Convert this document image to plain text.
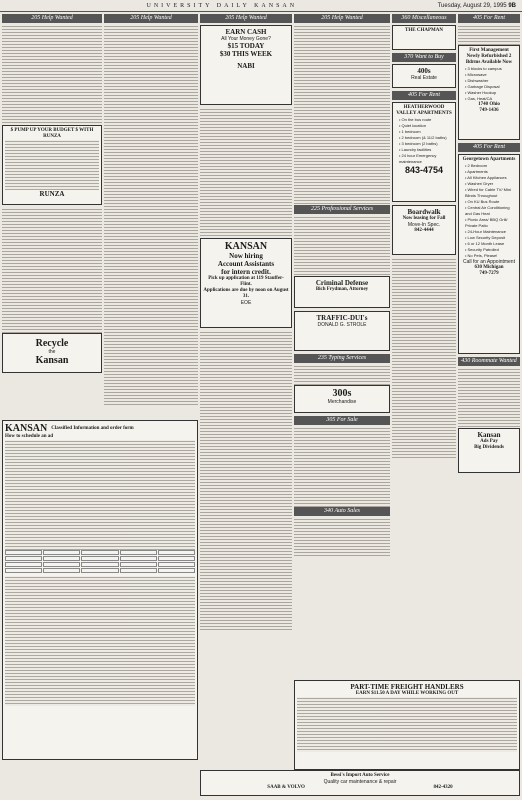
UNIVERSITY DAILY KANSAN	Tuesday, August 29, 1995 9B
205 Help Wanted
$ PUMP UP YOUR BUDGET $ WITH RUNZA
RUNZA
Recycle
the
Kansan
KANSAN Classified Information and order form
How to schedule an ad
205 Help Wanted	205 Help Wanted
EARN CASH
All Your Money Gone?
$15 TODAY
$30 THIS WEEK
NABI
KANSAN
Now hiring
Account Assistants
for intern credit.
Pick up application at 119 Stauffer-Flint.
Applications are due by noon on August 31.
EOE
205 Help Wanted
225 Professional Services
Criminal Defense
Bich Frydman, Attorney
TRAFFIC-DUI's
DONALD G. STROLE
235 Typing Services
300s
Merchandise
305 For Sale
340 Auto Sales
360 Miscellaneous
THE CHAPMAN
370 Want to Buy
400s
Real Estate
405 For Rent
HEATHERWOOD VALLEY APARTMENTS
• On the bus route
• Quiet location
• 1 bedroom
• 2 bedroom (& 11/2 baths)
• 3 bedroom (2 baths)
• Laundry facilities
• 24 hour Emergency maintenance
843-4754
Boardwalk
Now leasing for Fall
Move-In Spec.
842-4444
405 For Rent
First Management
Newly Refurbished 2 Bdrms Available Now
• 3 blocks to campus
• Microwave
• Dishwasher
• Garbage Disposal
• Washer Hookup
• Gas, Heat/CA
1740 Ohio
749-1436
405 For Rent
Georgetown Apartments
• 2 Bedroom
• Apartments
• All Kitchen Appliances
• Washer/ Dryer
• Wired for Cable TV/ Mini Blinds Throughout
• On KU Bus Route
• Central Air Conditioning and Gas Heat
• Picnic Area/ BBQ Grill/ Private Patio
• 24-Hour Maintenance
• Low Security Deposit
• 6 or 12 Month Lease
• Security Patrolled
• No Pets, Please!
Call for an Appointment
630 Michigan
749-7279
430 Roommate Wanted
Kansan
Ads Pay
Big Dividends
PART-TIME FREIGHT HANDLERS
EARN $11.50 A DAY WHILE WORKING OUT
Bessi's Import Auto Service
Quality car maintenance & repair
SAAB & VOLVO	842-4320
